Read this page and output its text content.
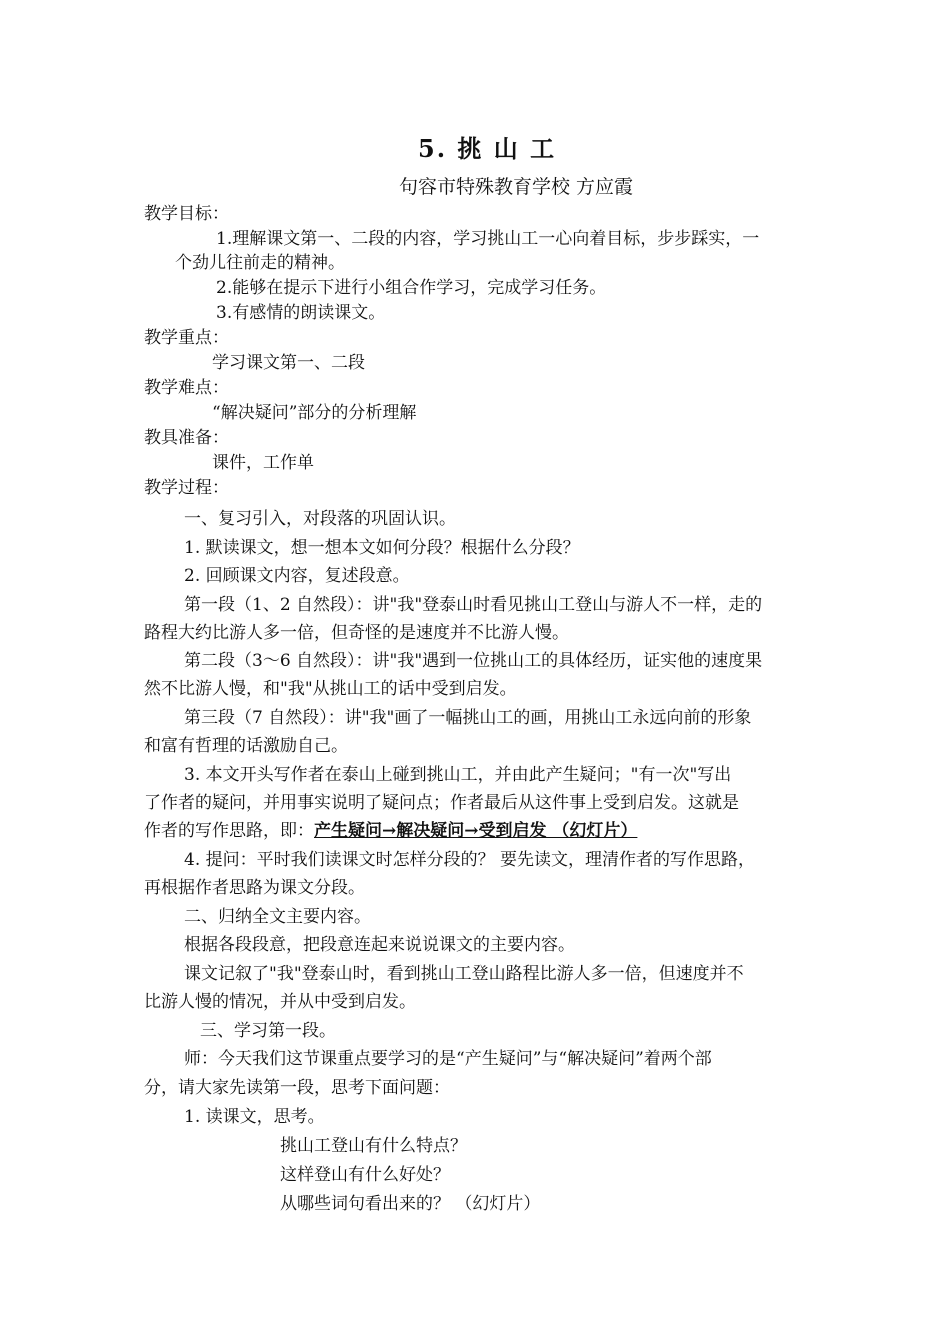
5. 挑 山 工
句容市特殊教育学校 方应霞
教学目标：
1.理解课文第一、二段的内容，学习挑山工一心向着目标，步步踩实，一
个劲儿往前走的精神。
2.能够在提示下进行小组合作学习，完成学习任务。
3.有感情的朗读课文。
教学重点：
学习课文第一、二段
教学难点：
“解决疑问”部分的分析理解
教具准备：
课件，工作单
教学过程：
一、复习引入，对段落的巩固认识。
1. 默读课文，想一想本文如何分段？根据什么分段？
2. 回顾课文内容，复述段意。
第一段（1、2 自然段）：讲"我"登泰山时看见挑山工登山与游人不一样，走的
路程大约比游人多一倍，但奇怪的是速度并不比游人慢。
第二段（3～6 自然段）：讲"我"遇到一位挑山工的具体经历，证实他的速度果
然不比游人慢，和"我"从挑山工的话中受到启发。
第三段（7 自然段）：讲"我"画了一幅挑山工的画，用挑山工永远向前的形象
和富有哲理的话激励自己。
3. 本文开头写作者在泰山上碰到挑山工，并由此产生疑问；"有一次"写出
了作者的疑问，并用事实说明了疑问点；作者最后从这件事上受到启发。这就是
作者的写作思路，即：产生疑问→解决疑问→受到启发 （幻灯片）
4. 提问：平时我们读课文时怎样分段的？ 要先读文，理清作者的写作思路，
再根据作者思路为课文分段。
二、归纳全文主要内容。
根据各段段意，把段意连起来说说课文的主要内容。
课文记叙了"我"登泰山时，看到挑山工登山路程比游人多一倍，但速度并不
比游人慢的情况，并从中受到启发。
三、学习第一段。
师：今天我们这节课重点要学习的是“产生疑问”与“解决疑问”着两个部
分，请大家先读第一段，思考下面问题：
1. 读课文，思考。
挑山工登山有什么特点？
这样登山有什么好处？
从哪些词句看出来的？ （幻灯片）
